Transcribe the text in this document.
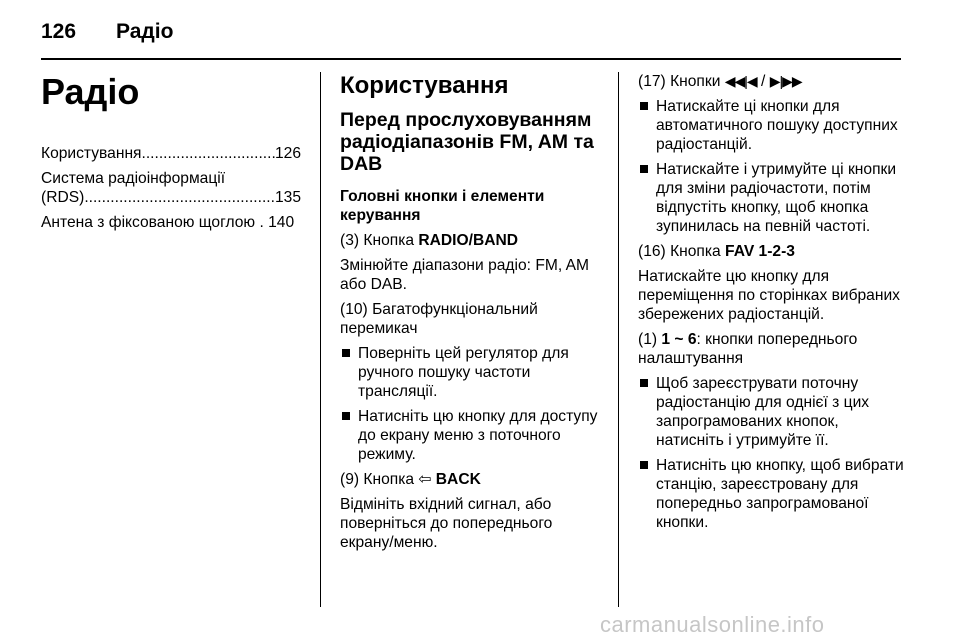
126 Радіо
Радіо
Користування .....	126
Система радіоінформації
(RDS) .....	135
Антена з фіксованою щоглою . 140
Користування
Перед прослуховуванням
радіодіапазонів FM, AM та
DAB
Головні кнопки і елементи
керування

(3) Кнопка RADIO/BAND

Змінюйте діапазони радіо: FM, AM або DAB.

(10) Багатофункціональний перемикач

Поверніть цей регулятор для ручного пошуку частоти трансляції.
Натисніть цю кнопку для доступу до екрану меню з поточного режиму.

(9) Кнопка ⇦ BACK

Відмініть вхідний сигнал, або поверніться до попереднього екрану/меню.

(17) Кнопки ◀◀|◀ / ▶|▶▶

Натискайте ці кнопки для автоматичного пошуку доступних радіостанцій.
Натискайте і утримуйте ці кнопки для зміни радіочастоти, потім відпустіть кнопку, щоб кнопка зупинилась на певній частоті.

(16) Кнопка FAV 1-2-3

Натискайте цю кнопку для переміщення по сторінках вибраних збережених радіостанцій.

(1) 1 ~ 6: кнопки попереднього налаштування

Щоб зареєструвати поточну радіостанцію для однієї з цих запрограмованих кнопок, натисніть і утримуйте її.
Натисніть цю кнопку, щоб вибрати станцію, зареєстровану для попередньо запрограмованої кнопки.
carmanualsonline.info
